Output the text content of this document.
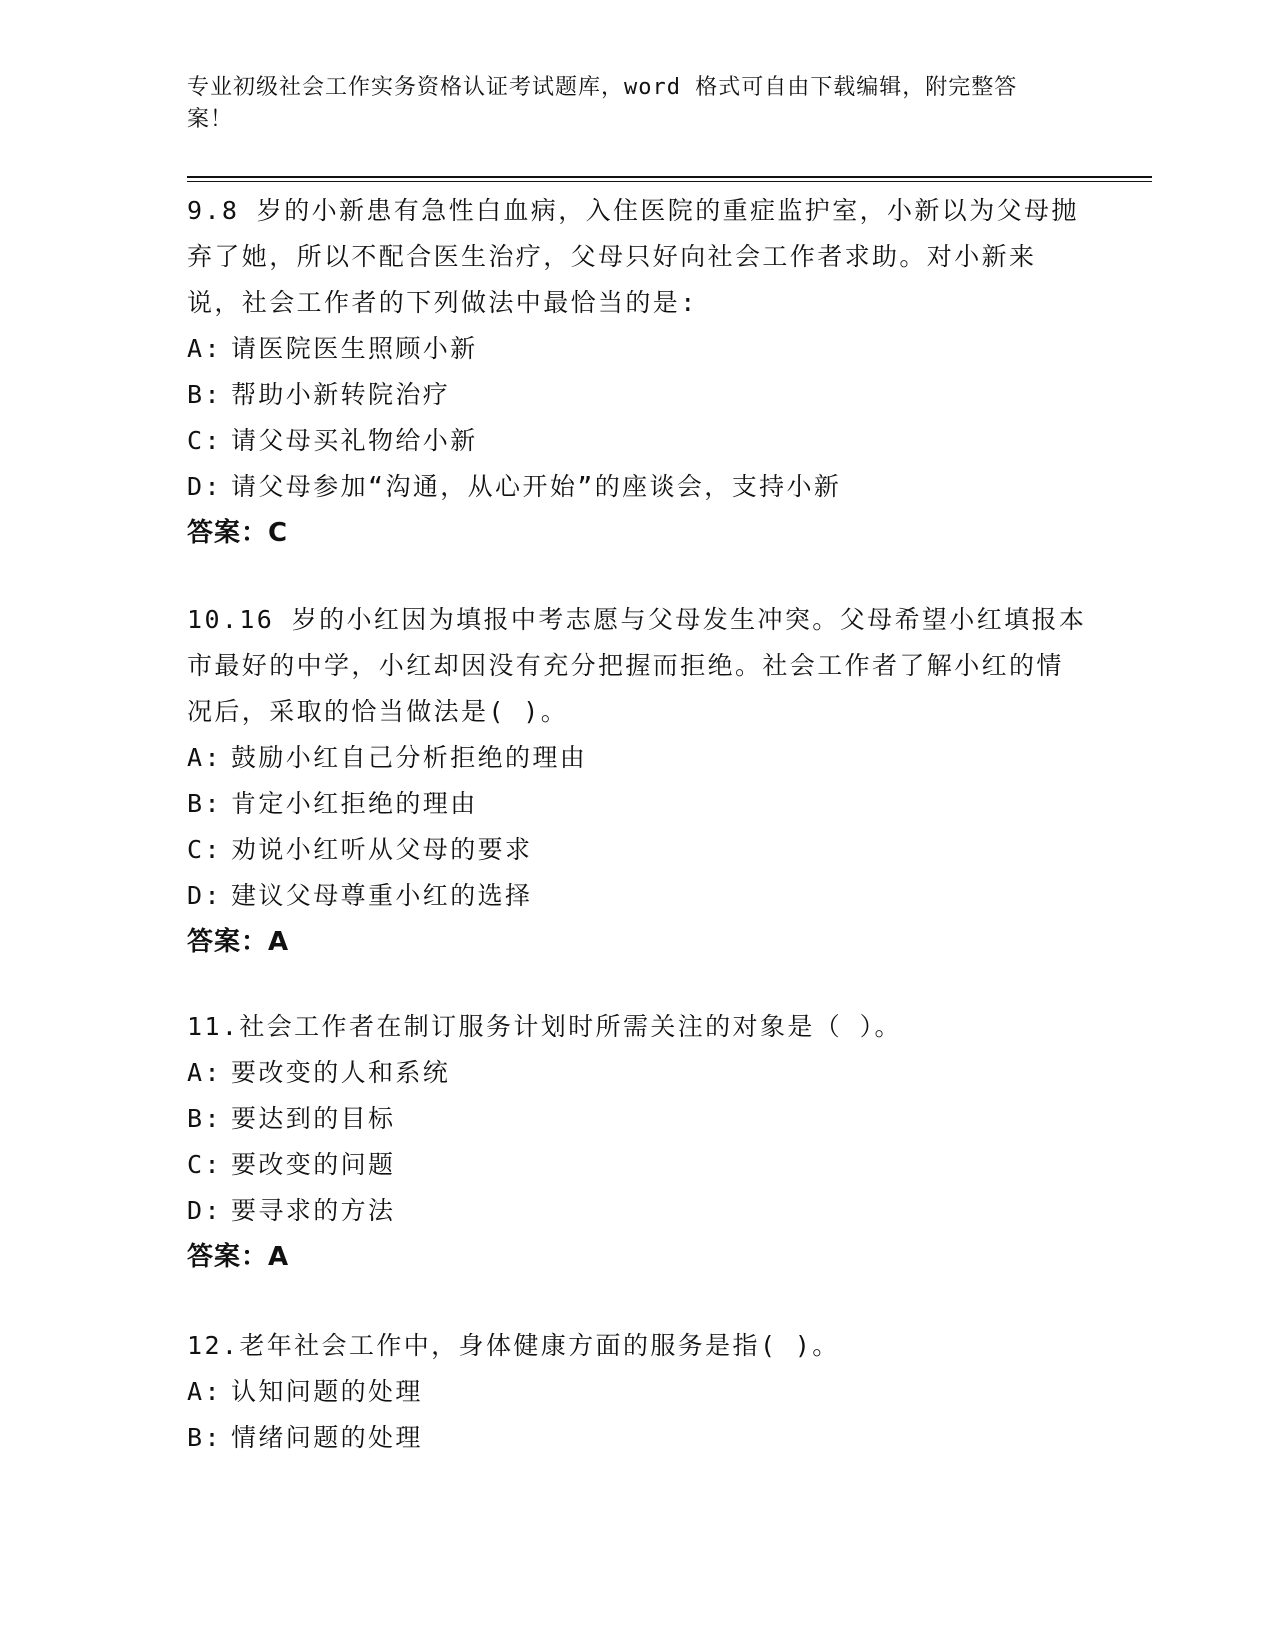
专业初级社会工作实务资格认证考试题库，word 格式可自由下载编辑，附完整答
案！

9.8 岁的小新患有急性白血病，入住医院的重症监护室，小新以为父母抛弃了她，所以不配合医生治疗，父母只好向社会工作者求助。对小新来说，社会工作者的下列做法中最恰当的是:

A: 请医院医生照顾小新

B: 帮助小新转院治疗

C: 请父母买礼物给小新

D: 请父母参加“沟通，从心开始”的座谈会，支持小新

答案：C

10.16 岁的小红因为填报中考志愿与父母发生冲突。父母希望小红填报本市最好的中学，小红却因没有充分把握而拒绝。社会工作者了解小红的情况后，采取的恰当做法是( )。

A: 鼓励小红自己分析拒绝的理由

B: 肯定小红拒绝的理由

C: 劝说小红听从父母的要求

D: 建议父母尊重小红的选择

答案：A

11.社会工作者在制订服务计划时所需关注的对象是（ ）。

A: 要改变的人和系统

B: 要达到的目标

C: 要改变的问题

D: 要寻求的方法

答案：A

12.老年社会工作中，身体健康方面的服务是指( )。

A: 认知问题的处理

B: 情绪问题的处理
